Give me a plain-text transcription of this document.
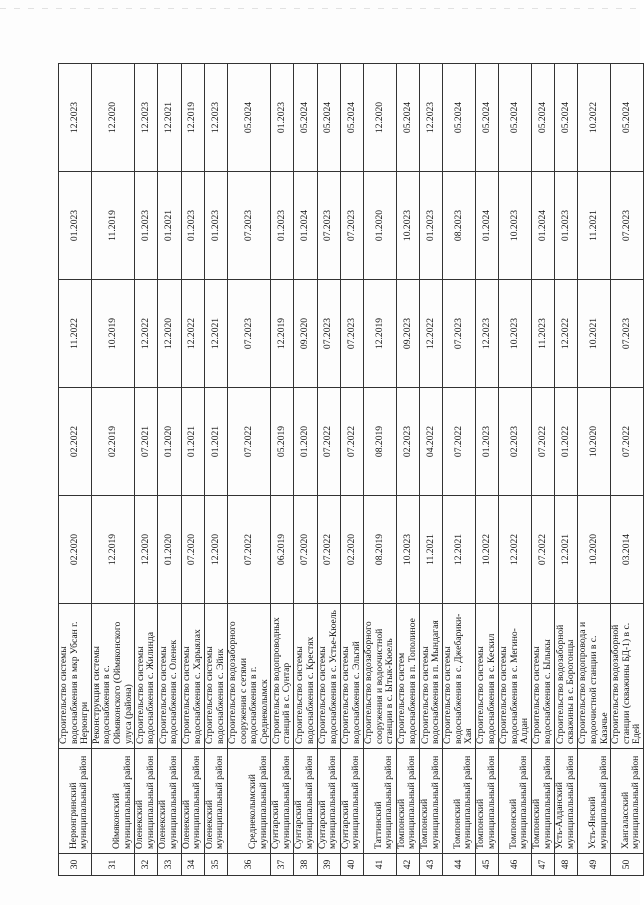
30	Нерюнгринский муниципальный район	Строительство системы водоснабжения в мкр Убсан г. Нерюнгри	02.2020	02.2022	11.2022	01.2023	12.2023
31	Оймяконский муниципальный район	Реконструкция системы водоснабжения в с. Оймяконского (Оймяконского улуса (района)	12.2019	02.2019	10.2019	11.2019	12.2020
32	Оленекский муниципальный район	Строительство системы водоснабжения с. Жилинда	12.2020	07.2021	12.2022	01.2023	12.2023
33	Оленекский муниципальный район	Строительство системы водоснабжения с. Оленек	01.2020	01.2020	12.2020	01.2021	12.2021
34	Оленекский муниципальный район	Строительство системы водоснабжения с. Харыялах	07.2020	01.2021	12.2022	01.2023	12.2019
35	Оленекский муниципальный район	Строительство системы водоснабжения с. Эйик	12.2020	01.2021	12.2021	01.2023	12.2023
36	Среднеколымский муниципальный район	Строительство водозаборного сооружения с сетями водоснабжения в г. Среднеколымск	07.2022	07.2022	07.2023	07.2023	05.2024
37	Сунтарский муниципальный район	Строительство водопроводных станций в с. Сунтар	06.2019	05.2019	12.2019	01.2023	01.2023
38	Сунтарский муниципальный район	Строительство системы водоснабжения с. Крестях	07.2020	01.2020	09.2020	01.2024	05.2024
39	Сунтарский муниципальный район	Строительство системы водоснабжения в с. Устье-Кюель	07.2022	07.2022	07.2023	07.2023	05.2024
40	Сунтарский муниципальный район	Строительство системы водоснабжения с. Эльгяй	02.2020	07.2022	07.2023	07.2023	05.2024
41	Таттинский муниципальный район	Строительство водозаборного сооружения и водоочистной станции в с. Ытык-Кюель	08.2019	08.2019	12.2019	01.2020	12.2020
42	Томпонский муниципальный район	Строительство систем водоснабжения в п. Тополиное	10.2023	02.2023	09.2023	10.2023	05.2024
43	Томпонский муниципальный район	Строительство системы водоснабжения в п. Мындагая	11.2021	04.2022	12.2022	01.2023	12.2023
44	Томпонский муниципальный район	Строительство системы водоснабжения в с. Джебарики-Хая	12.2021	07.2022	07.2023	08.2023	05.2024
45	Томпонский муниципальный район	Строительство системы водоснабжения в с. Кескил	10.2022	01.2023	12.2023	01.2024	05.2024
46	Томпонский муниципальный район	Строительство системы водоснабжения в с. Мегино-Алдан	12.2022	02.2023	10.2023	10.2023	05.2024
47	Томпонский муниципальный район	Строительство системы водоснабжения с. Ылыкы	07.2022	07.2022	11.2023	01.2024	05.2024
48	Усть-Алданский муниципальный район	Строительство водозаборной скважины в с. Борогонцы	12.2021	01.2022	12.2022	01.2023	05.2024
49	Усть-Янский муниципальный район	Строительство водопровода и водоочистной станции в с. Казачье	10.2020	10.2020	10.2021	11.2021	10.2022
50	Хангаласский муниципальный район	Строительство водозаборной станции (скважины БД-1) в с. Едей	03.2014	07.2022	07.2023	07.2023	05.2024
